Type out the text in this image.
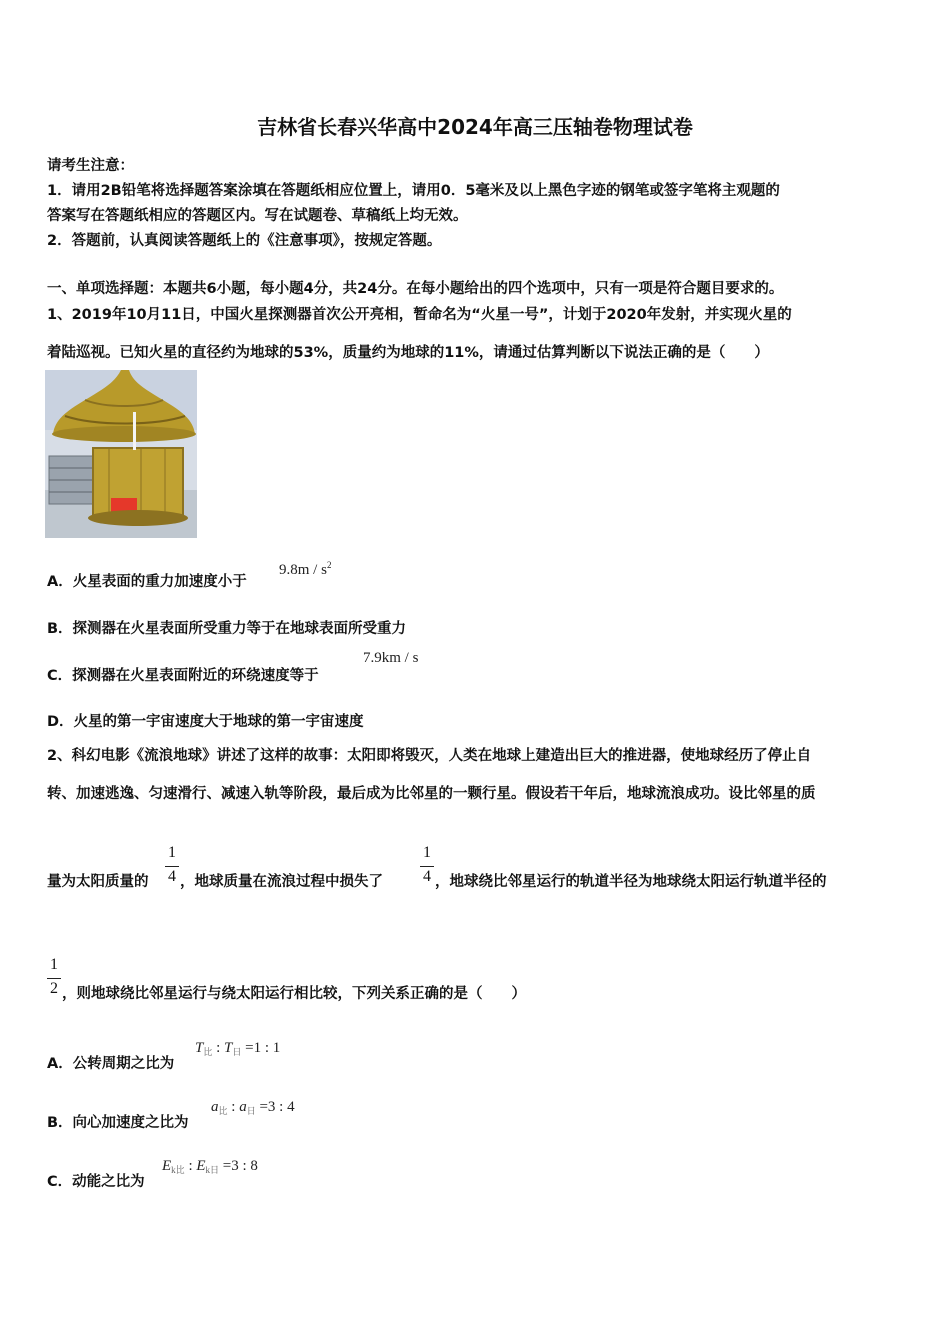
吉林省长春兴华高中2024年高三压轴卷物理试卷
请考生注意：
1．请用2B铅笔将选择题答案涂填在答题纸相应位置上，请用0．5毫米及以上黑色字迹的钢笔或签字笔将主观题的
答案写在答题纸相应的答题区内。写在试题卷、草稿纸上均无效。
2．答题前，认真阅读答题纸上的《注意事项》，按规定答题。
一、单项选择题：本题共6小题，每小题4分，共24分。在每小题给出的四个选项中，只有一项是符合题目要求的。
1、2019年10月11日，中国火星探测器首次公开亮相，暂命名为“火星一号”，计划于2020年发射，并实现火星的
着陆巡视。已知火星的直径约为地球的53%，质量约为地球的11%，请通过估算判断以下说法正确的是（　　）
A．火星表面的重力加速度小于
$9.8m / s^2$
B．探测器在火星表面所受重力等于在地球表面所受重力
C．探测器在火星表面附近的环绕速度等于
7.9km / s
D．火星的第一宇宙速度大于地球的第一宇宙速度
2、科幻电影《流浪地球》讲述了这样的故事：太阳即将毁灭，人类在地球上建造出巨大的推进器，使地球经历了停止自
转、加速逃逸、匀速滑行、减速入轨等阶段，最后成为比邻星的一颗行星。假设若干年后，地球流浪成功。设比邻星的质
量为太阳质量的
1
4 ，地球质量在流浪过程中损失了
1
4 ，地球绕比邻星运行的轨道半径为地球绕太阳运行轨道半径的
1
2 ，则地球绕比邻星运行与绕太阳运行相比较，下列关系正确的是（　　）
A．公转周期之比为
$T_比$ : $T_日 =1$ : 1
B．向心加速度之比为
$a_比$ : $a_日 =3$ : 4
C．动能之比为
$E_{k比}$ : $E_{k日} =3$ : 8
